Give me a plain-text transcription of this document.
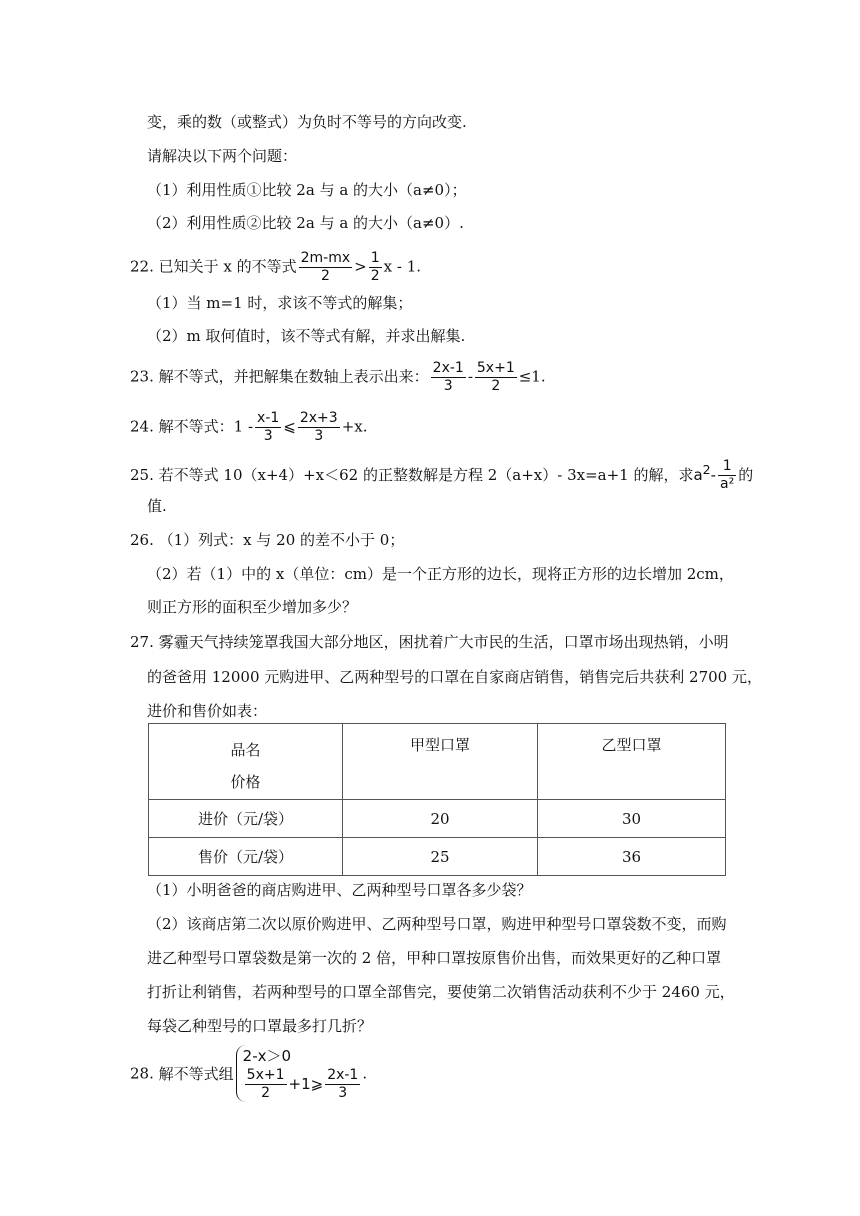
变，乘的数（或整式）为负时不等号的方向改变.
请解决以下两个问题：
（1）利用性质①比较 2a 与 a 的大小（a≠0）；
（2）利用性质②比较 2a 与 a 的大小（a≠0）.
22. 已知关于 x 的不等式 $\frac{2m-mx}{2} > \frac{1}{2}$ x - 1.
（1）当 m=1 时，求该不等式的解集；
（2）m 取何值时，该不等式有解，并求出解集.
23. 解不等式，并把解集在数轴上表示出来： $\frac{2x-1}{3} - \frac{5x+1}{2} \le 1$.
24. 解不等式：$1 - \frac{x-1}{3}$ ⩽ $\frac{2x+3}{3} +x$.
25. 若不等式 10（x+4）+x＜62 的正整数解是方程 2（a+x）- 3x=a+1 的解，求$a^2- \frac{1}{\text{a²}}$ 的
值.
26. （1）列式：x 与 20 的差不小于 0；
（2）若（1）中的 x（单位：cm）是一个正方形的边长，现将正方形的边长增加 2cm，
则正方形的面积至少增加多少？
27. 雾霾天气持续笼罩我国大部分地区，困扰着广大市民的生活，口罩市场出现热销，小明
的爸爸用 12000 元购进甲、乙两种型号的口罩在自家商店销售，销售完后共获利 2700 元，
进价和售价如表：
品名
价格	甲型口罩	乙型口罩
进价（元/袋）	20	30
售价（元/袋）	25	36
（1）小明爸爸的商店购进甲、乙两种型号口罩各多少袋？
（2）该商店第二次以原价购进甲、乙两种型号口罩，购进甲种型号口罩袋数不变，而购
进乙种型号口罩袋数是第一次的 2 倍，甲种口罩按原售价出售，而效果更好的乙种口罩
打折让利销售，若两种型号的口罩全部售完，要使第二次销售活动获利不少于 2460 元，
每袋乙种型号的口罩最多打几折？
28. 解不等式组
2-x＞0
$\frac{5x+1}{2}$ +1⩾ $\frac{2x-1}{3}$ .
